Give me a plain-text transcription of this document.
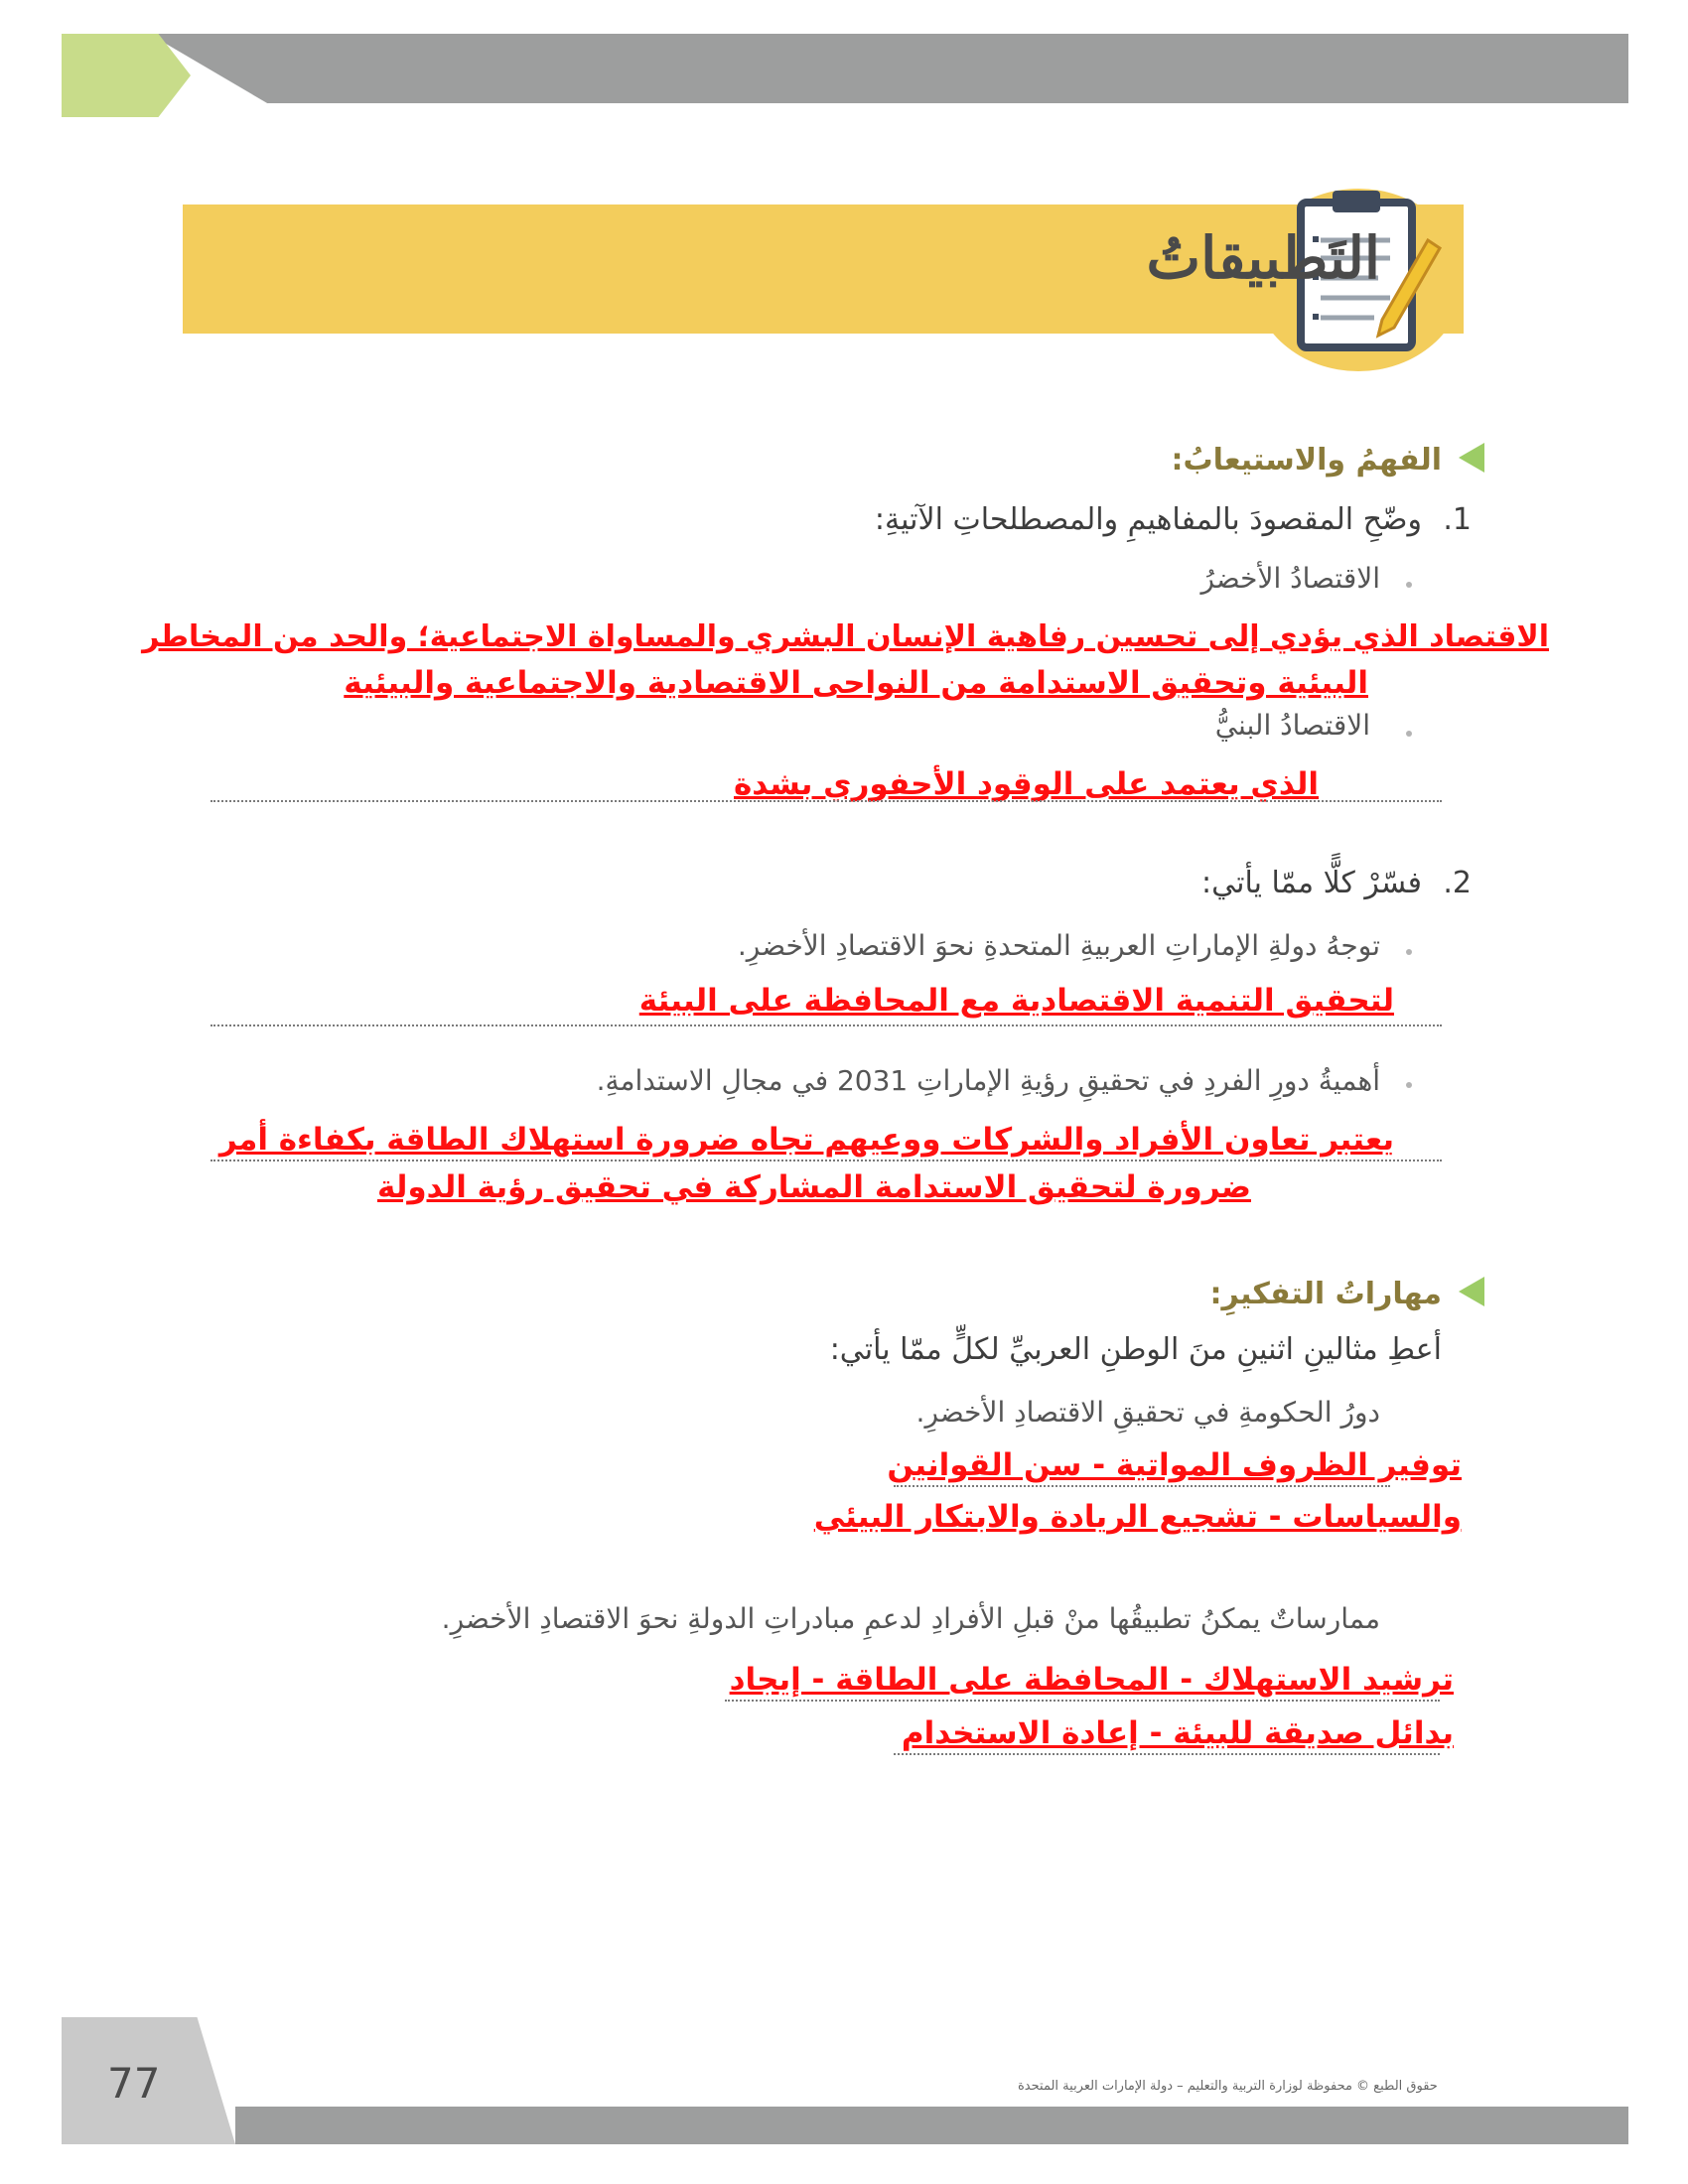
التَطبيقاتُ
الفهمُ والاستيعابُ:
1.
وضّحِ المقصودَ بالمفاهيمِ والمصطلحاتِ الآتيةِ:
الاقتصادُ الأخضرُ
الاقتصاد الذي يؤدي إلى تحسين رفاهية الإنسان البشري والمساواة الاجتماعية؛ والحد من المخاطر
البيئية وتحقيق الاستدامة من النواحى الاقتصادية والاجتماعية والبيئية
الاقتصادُ البنيُّ
الذي يعتمد على الوقود الأحفوري بشدة
2.
فسّرْ كلًّا ممّا يأتي:
توجهُ دولةِ الإماراتِ العربيةِ المتحدةِ نحوَ الاقتصادِ الأخضرِ.
لتحقيق التنمية الاقتصادية مع المحافظة على البيئة
أهميةُ دورِ الفردِ في تحقيقِ رؤيةِ الإماراتِ 2031 في مجالِ الاستدامةِ.
يعتبر تعاون الأفراد والشركات ووعيهم تجاه ضرورة استهلاك الطاقة بكفاءة أمر
ضرورة لتحقيق الاستدامة المشاركة في تحقيق رؤية الدولة
مهاراتُ التفكيرِ:
أعطِ مثالينِ اثنينِ منَ الوطنِ العربيِّ لكلٍّ ممّا يأتي:
دورُ الحكومةِ في تحقيقِ الاقتصادِ الأخضرِ.
توفير الظروف المواتية - سن القوانين
والسياسات - تشجيع الريادة والابتكار البيئي
ممارساتٌ يمكنُ تطبيقُها منْ قبلِ الأفرادِ لدعمِ مبادراتِ الدولةِ نحوَ الاقتصادِ الأخضرِ.
ترشيد الاستهلاك - المحافظة على الطاقة - إيجاد
بدائل صديقة للبيئة - إعادة الاستخدام
77	حقوق الطبع © محفوظة لوزارة التربية والتعليم – دولة الإمارات العربية المتحدة
